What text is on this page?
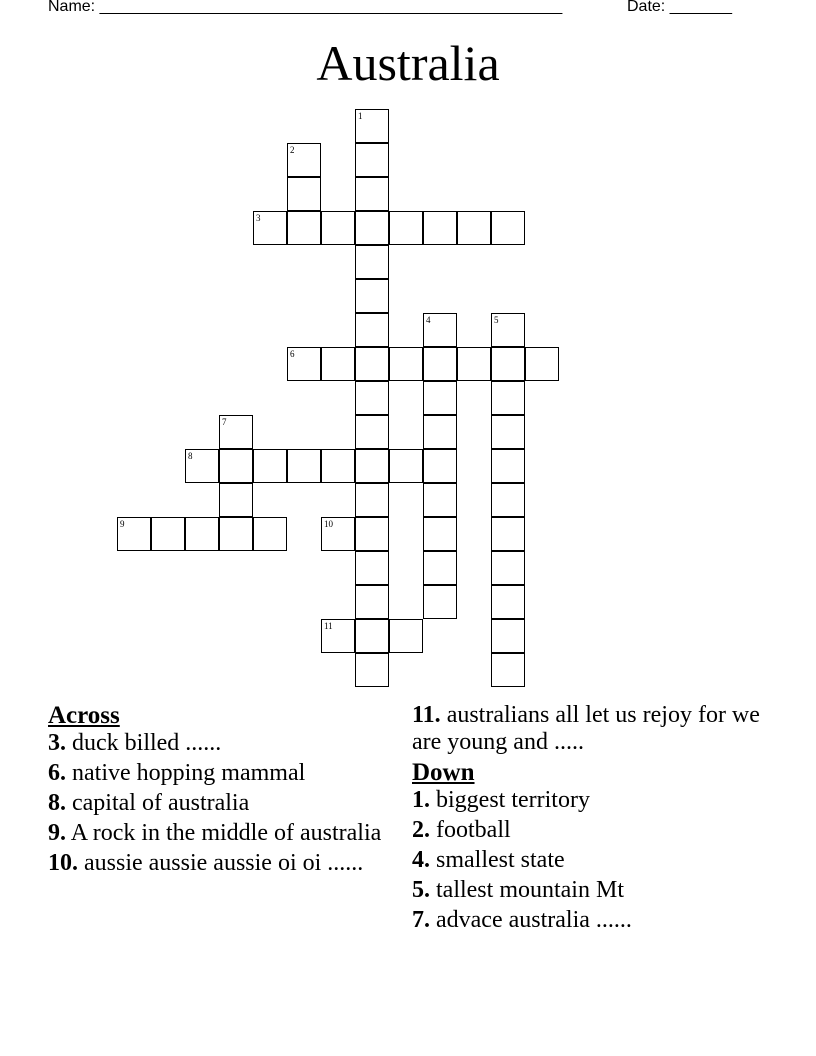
Name: ____________________________________________________	Date: _______
Australia
1
2
3
4	5
6
7
8
9	10
11

Across

3. duck billed ......

6. native hopping mammal

8. capital of australia

9. A rock in the middle of australia

10. aussie aussie aussie oi oi ......

11. australians all let us rejoy for we are young and .....

Down

1. biggest territory

2. football

4. smallest state

5. tallest mountain Mt

7. advace australia ......
